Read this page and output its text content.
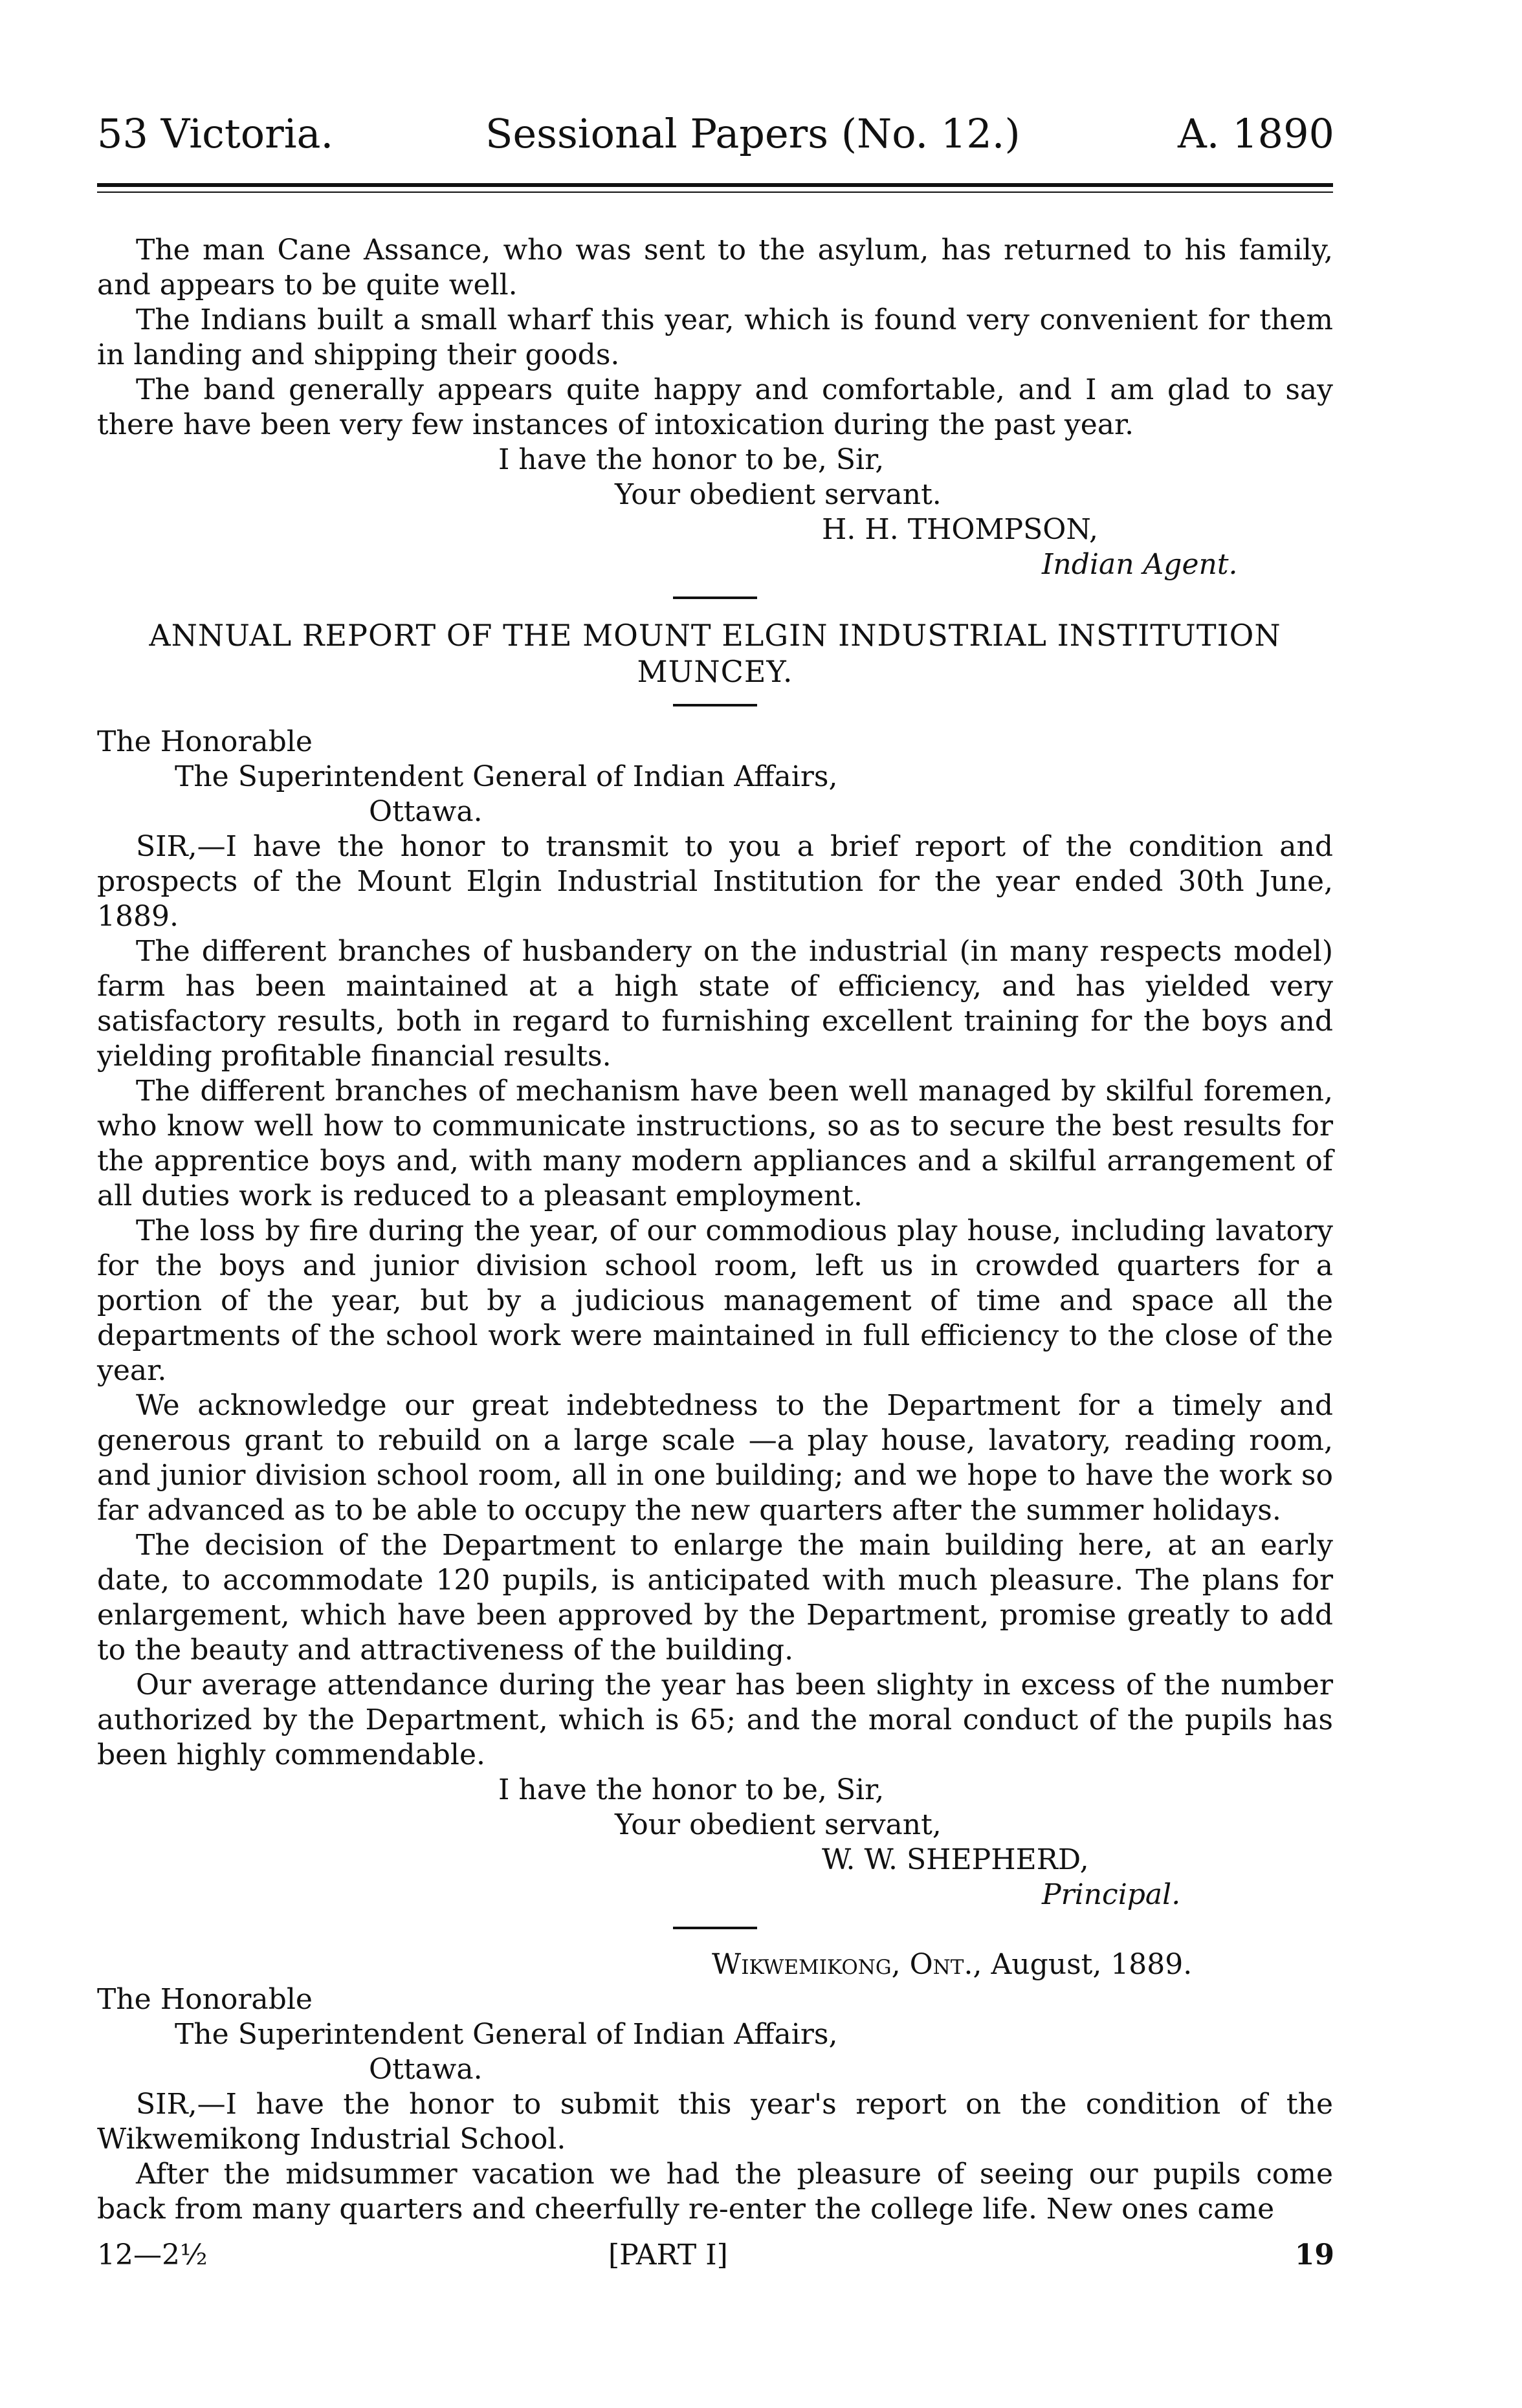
53 Victoria.	Sessional Papers (No. 12.)	A. 1890

The man Cane Assance, who was sent to the asylum, has returned to his family, and appears to be quite well.

The Indians built a small wharf this year, which is found very convenient for them in landing and shipping their goods.

The band generally appears quite happy and comfortable, and I am glad to say there have been very few instances of intoxication during the past year.

I have the honor to be, Sir,

Your obedient servant.

H. H. THOMPSON,

Indian Agent.

ANNUAL REPORT OF THE MOUNT ELGIN INDUSTRIAL INSTITUTION

MUNCEY.

The Honorable

The Superintendent General of Indian Affairs,

Ottawa.

SIR,—I have the honor to transmit to you a brief report of the condition and prospects of the Mount Elgin Industrial Institution for the year ended 30th June, 1889.

The different branches of husbandery on the industrial (in many respects model) farm has been maintained at a high state of efficiency, and has yielded very satisfactory results, both in regard to furnishing excellent training for the boys and yielding profitable financial results.

The different branches of mechanism have been well managed by skilful foremen, who know well how to communicate instructions, so as to secure the best results for the apprentice boys and, with many modern appliances and a skilful arrangement of all duties work is reduced to a pleasant employment.

The loss by fire during the year, of our commodious play house, including lavatory for the boys and junior division school room, left us in crowded quarters for a portion of the year, but by a judicious management of time and space all the departments of the school work were maintained in full efficiency to the close of the year.

We acknowledge our great indebtedness to the Department for a timely and generous grant to rebuild on a large scale —a play house, lavatory, reading room, and junior division school room, all in one building; and we hope to have the work so far advanced as to be able to occupy the new quarters after the summer holidays.

The decision of the Department to enlarge the main building here, at an early date, to accommodate 120 pupils, is anticipated with much pleasure. The plans for enlargement, which have been approved by the Department, promise greatly to add to the beauty and attractiveness of the building.

Our average attendance during the year has been slighty in excess of the number authorized by the Department, which is 65; and the moral conduct of the pupils has been highly commendable.

I have the honor to be, Sir,

Your obedient servant,

W. W. SHEPHERD,

Principal.

Wikwemikong, Ont., August, 1889.

The Honorable

The Superintendent General of Indian Affairs,

Ottawa.

SIR,—I have the honor to submit this year's report on the condition of the Wikwemikong Industrial School.

After the midsummer vacation we had the pleasure of seeing our pupils come back from many quarters and cheerfully re-enter the college life. New ones came

12—2½	[PART I]	19
